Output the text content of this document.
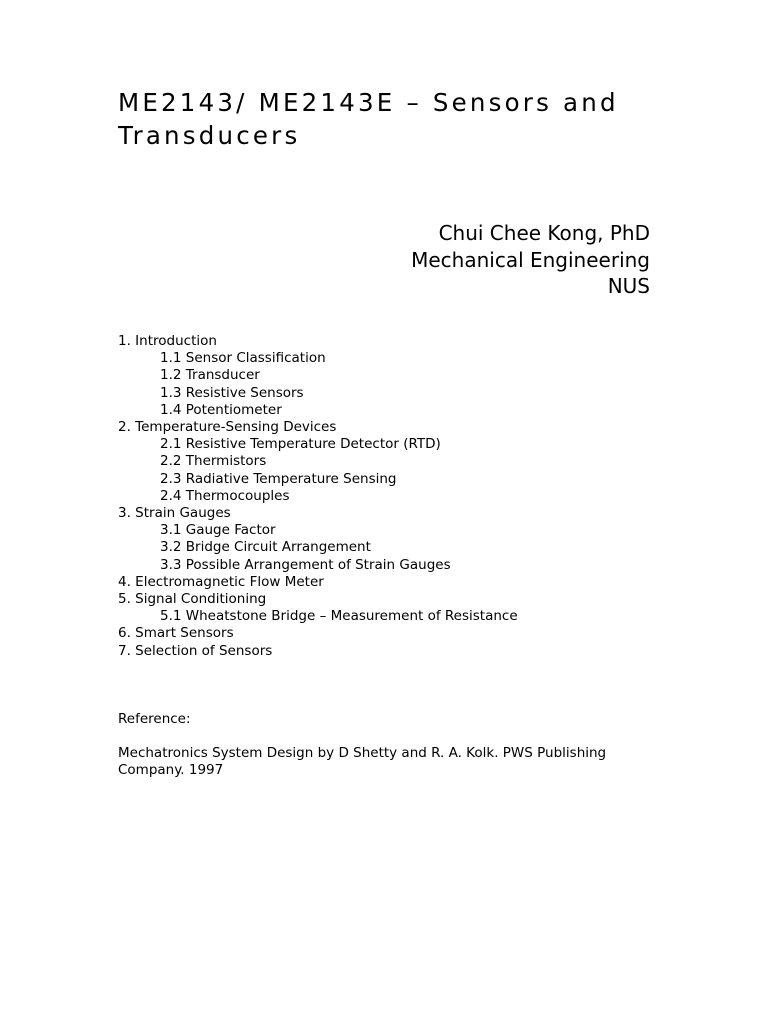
ME2143/ ME2143E – Sensors and
Transducers
Chui Chee Kong, PhD
Mechanical Engineering
NUS
1. Introduction
1.1 Sensor Classification
1.2 Transducer
1.3 Resistive Sensors
1.4 Potentiometer
2. Temperature-Sensing Devices
2.1 Resistive Temperature Detector (RTD)
2.2 Thermistors
2.3 Radiative Temperature Sensing
2.4 Thermocouples
3. Strain Gauges
3.1 Gauge Factor
3.2 Bridge Circuit Arrangement
3.3 Possible Arrangement of Strain Gauges
4. Electromagnetic Flow Meter
5. Signal Conditioning
5.1 Wheatstone Bridge – Measurement of Resistance
6. Smart Sensors
7. Selection of Sensors
Reference:
Mechatronics System Design by D Shetty and R. A. Kolk. PWS Publishing Company. 1997
